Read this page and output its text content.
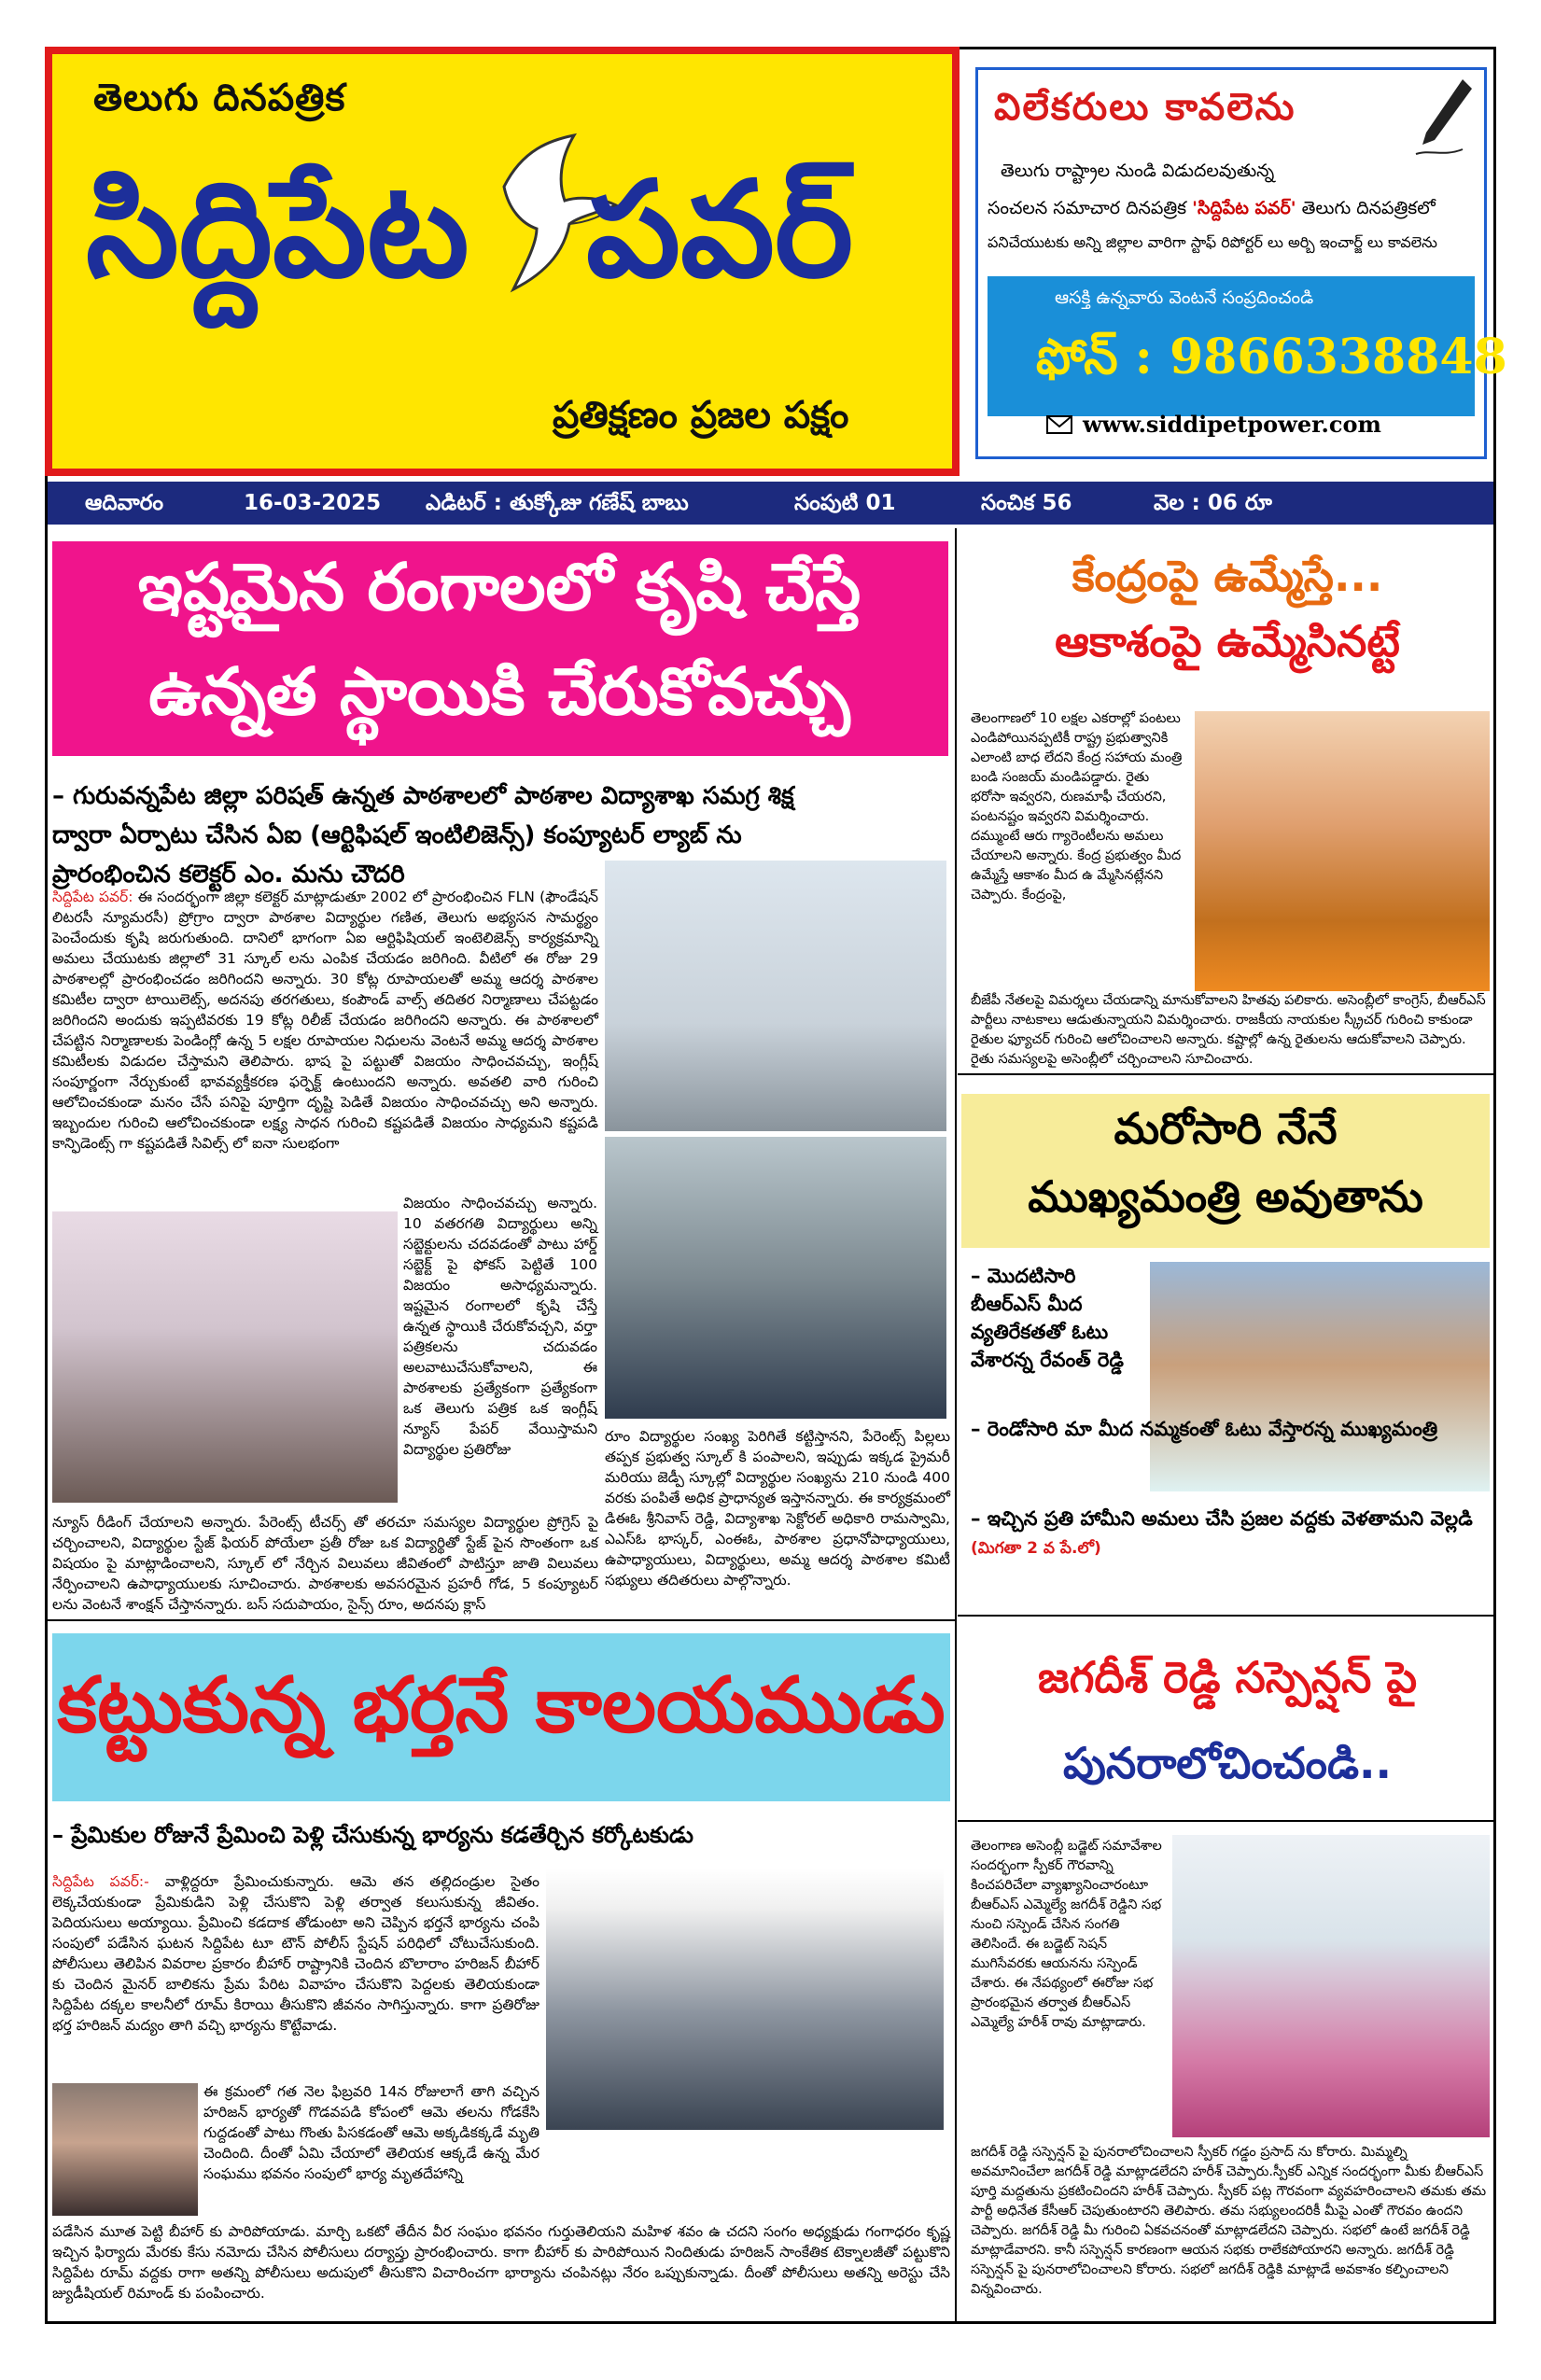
తెలుగు దినపత్రిక
సిద్దిపేట పవర్
ప్రతిక్షణం ప్రజల పక్షం
విలేకరులు కావలెను
తెలుగు రాష్ట్రాల నుండి విడుదలవుతున్న
సంచలన సమాచార దినపత్రిక 'సిద్దిపేట పవర్' తెలుగు దినపత్రికలో
పనిచేయుటకు అన్ని జిల్లాల వారిగా స్టాఫ్ రిపోర్టర్ లు అర్బి ఇంచార్జ్ లు కావలెను
ఆసక్తి ఉన్నవారు వెంటనే సంప్రదించండి
ఫోన్ : 9866338848
www.siddipetpower.com
ఆదివారం	16-03-2025 ఎడిటర్ : తుక్కోజు గణేష్ బాబు	సంపుటి 01	సంచిక 56	వెల : 06 రూ
ఇష్టమైన రంగాలలో కృషి చేస్తే
ఉన్నత స్థాయికి చేరుకోవచ్చు
– గురువన్నపేట జిల్లా పరిషత్ ఉన్నత పాఠశాలలో పాఠశాల విద్యాశాఖ సమగ్ర శిక్ష ద్వారా ఏర్పాటు చేసిన ఏఐ (ఆర్టిఫిషల్ ఇంటిలిజెన్స్) కంప్యూటర్ ల్యాబ్ ను ప్రారంభించిన కలెక్టర్ ఎం. మను చౌదరి
సిద్దిపేట పవర్: ఈ సందర్భంగా జిల్లా కలెక్టర్ మాట్లాడుతూ 2002 లో ప్రారంభించిన FLN (ఫౌండేషన్ లిటరసీ న్యూమరసీ) ప్రోగ్రాం ద్వారా పాఠశాల విద్యార్థుల గణిత, తెలుగు అభ్యసన సామర్థ్యం పెంచేందుకు కృషి జరుగుతుంది. దానిలో భాగంగా ఏఐ ఆర్టిఫిషియల్ ఇంటెలిజెన్స్ కార్యక్రమాన్ని అమలు చేయుటకు జిల్లాలో 31 స్కూల్ లను ఎంపిక చేయడం జరిగింది. వీటిలో ఈ రోజు 29 పాఠశాలల్లో ప్రారంభించడం జరిగిందని అన్నారు. 30 కోట్ల రూపాయలతో అమ్మ ఆదర్శ పాఠశాల కమిటీల ద్వారా టాయిలెట్స్, అదనపు తరగతులు, కంపౌండ్ వాల్స్ తదితర నిర్మాణాలు చేపట్టడం జరిగిందని అందుకు ఇప్పటివరకు 19 కోట్ల రిలీజ్ చేయడం జరిగిందని అన్నారు. ఈ పాఠశాలలో చేపట్టిన నిర్మాణాలకు పెండింగ్లో ఉన్న 5 లక్షల రూపాయల నిధులను వెంటనే అమ్మ ఆదర్శ పాఠశాల కమిటీలకు విడుదల చేస్తామని తెలిపారు. భాష పై పట్టుతో విజయం సాధించవచ్చు, ఇంగ్లీష్ సంపూర్ణంగా నేర్చుకుంటే భావవ్యక్తీకరణ ఫర్ఫెక్ట్ ఉంటుందని అన్నారు. అవతలి వారి గురించి ఆలోచించకుండా మనం చేసే పనిపై పూర్తిగా దృష్టి పెడితే విజయం సాధించవచ్చు అని అన్నారు. ఇబ్బందుల గురించి ఆలోచించకుండా లక్ష్య సాధన గురించి కష్టపడితే విజయం సాధ్యమని కష్టపడి కాన్ఫిడెంట్స్ గా కష్టపడితే సివిల్స్ లో ఐనా సులభంగా
విజయం సాధించవచ్చు అన్నారు. 10 వతరగతి విద్యార్థులు అన్ని సబ్జెక్టులను చదవడంతో పాటు హార్డ్ సబ్జెక్ట్ పై ఫోకస్ పెట్టితే 100 విజయం అసాధ్యమన్నారు. ఇష్టమైన రంగాలలో కృషి చేస్తే ఉన్నత స్థాయికి చేరుకోవచ్చని, వర్తా పత్రికలను చదువడం అలవాటుచేసుకోవాలని, ఈ పాఠశాలకు ప్రత్యేకంగా ప్రత్యేకంగా ఒక తెలుగు పత్రిక ఒక ఇంగ్లీష్ న్యూస్ పేపర్ వేయిస్తామని విద్యార్థుల ప్రతిరోజు
న్యూస్ రీడింగ్ చేయాలని అన్నారు. పేరెంట్స్ టీచర్స్ తో తరచూ సమస్యల విద్యార్థుల ప్రోగ్రెస్ పై చర్చించాలని, విద్యార్థుల స్టేజ్ ఫియర్ పోయేలా ప్రతీ రోజు ఒక విద్యార్థితో స్టేజ్ పైన సొంతంగా ఒక విషయం పై మాట్లాడించాలని, స్కూల్ లో నేర్చిన విలువలు జీవితంలో పాటిస్తూ జాతి విలువలు నేర్పించాలని ఉపాధ్యాయులకు సూచించారు. పాఠశాలకు అవసరమైన ప్రహరీ గోడ, 5 కంప్యూటర్ లను వెంటనే శాంక్షన్ చేస్తానన్నారు. బస్ సదుపాయం, సైన్స్ రూం, అదనపు క్లాస్
రూం విద్యార్థుల సంఖ్య పెరిగితే కట్టిస్తానని, పేరెంట్స్ పిల్లలు తప్పక ప్రభుత్వ స్కూల్ కి పంపాలని, ఇప్పుడు ఇక్కడ ప్రైమరీ మరియు జెడ్పీ స్కూల్లో విద్యార్థుల సంఖ్యను 210 నుండి 400 వరకు పంపితే అధిక ప్రాధాన్యత ఇస్తానన్నారు. ఈ కార్యక్రమంలో డిఈఓ శ్రీనివాస్ రెడ్డి, విద్యాశాఖ సెక్టోరల్ అధికారి రామస్వామి, ఎఎస్ఓ భాస్కర్, ఎంఈఓ, పాఠశాల ప్రధానోపాధ్యాయులు, ఉపాధ్యాయులు, విద్యార్థులు, అమ్మ ఆదర్శ పాఠశాల కమిటీ సభ్యులు తదితరులు పాల్గొన్నారు.
కట్టుకున్న భర్తనే కాలయముడు
– ప్రేమికుల రోజునే ప్రేమించి పెళ్లి చేసుకున్న భార్యను కడతేర్చిన కర్కోటకుడు
సిద్దిపేట పవర్:- వాళ్లిద్దరూ ప్రేమించుకున్నారు. ఆమె తన తల్లిదండ్రుల సైతం లెక్కచేయకుండా ప్రేమికుడిని పెళ్లి చేసుకొని పెళ్లి తర్వాత కలుసుకున్న జీవితం. పెదియసులు అయ్యాయి. ప్రేమించి కడదాక తోడుంటా అని చెప్పిన భర్తనే భార్యను చంపి సంపులో పడేసిన ఘటన సిద్దిపేట టూ టౌన్ పోలీస్ స్టేషన్ పరిధిలో చోటుచేసుకుంది. పోలీసులు తెలిపిన వివరాల ప్రకారం బీహార్ రాష్ట్రానికి చెందిన బొలారాం హరిజన్ బీహార్ కు చెందిన మైనర్ బాలికను ప్రేమ పేరిట వివాహం చేసుకొని పెద్దలకు తెలియకుండా సిద్దిపేట దక్కల కాలనీలో రూమ్ కిరాయి తీసుకొని జీవనం సాగిస్తున్నారు. కాగా ప్రతిరోజు భర్త హరిజన్ మద్యం తాగి వచ్చి భార్యను కొట్టేవాడు.
ఈ క్రమంలో గత నెల ఫిబ్రవరి 14న రోజులాగే తాగి వచ్చిన హరిజన్ భార్యతో గొడవపడి కోపంలో ఆమె తలను గోడకేసి గుద్దడంతో పాటు గొంతు పిసకడంతో ఆమె అక్కడికక్కడే మృతి చెందింది. దీంతో ఏమి చేయాలో తెలియక ఆక్కడే ఉన్న మేర సంఘము భవనం సంపులో భార్య మృతదేహాన్ని
పడేసిన మూత పెట్టి బీహార్ కు పారిపోయాడు. మార్చి ఒకటో తేదీన వీర సంఘం భవనం గుర్తుతెలియని మహిళ శవం ఉ చదని సంగం అధ్యక్షుడు గంగాధరం కృష్ణ ఇచ్చిన ఫిర్యాదు మేరకు కేసు నమోదు చేసిన పోలీసులు దర్యాప్తు ప్రారంభించారు. కాగా బీహార్ కు పారిపోయిన నిందితుడు హరిజన్ సాంకేతిక టెక్నాలజీతో పట్టుకొని సిద్దిపేట రూమ్ వద్దకు రాగా అతన్ని పోలీసులు అదుపులో తీసుకొని విచారించగా భార్యాను చంపినట్లు నేరం ఒప్పుకున్నాడు. దీంతో పోలీసులు అతన్ని అరెస్టు చేసి జ్యుడీషియల్ రిమాండ్ కు పంపించారు.
కేంద్రంపై ఉమ్మేస్తే...
ఆకాశంపై ఉమ్మేసినట్టే
తెలంగాణలో 10 లక్షల ఎకరాల్లో పంటలు ఎండిపోయినప్పటికీ రాష్ట్ర ప్రభుత్వానికి ఎలాంటి బాధ లేదని కేంద్ర సహాయ మంత్రి బండి సంజయ్ మండిపడ్డారు. రైతు భరోసా ఇవ్వరని, రుణమాఫీ చేయరని, పంటనష్టం ఇవ్వరని విమర్శించారు. దమ్ముంటే ఆరు గ్యారెంటీలను అమలు చేయాలని అన్నారు. కేంద్ర ప్రభుత్వం మీద ఉమ్మేస్తే ఆకాశం మీద ఉ మ్మేసినట్లేనని చెప్పారు. కేంద్రంపై,
బీజేపీ నేతలపై విమర్శలు చేయడాన్ని మానుకోవాలని హితవు పలికారు. అసెంబ్లీలో కాంగ్రెస్, బీఆర్ఎస్ పార్టీలు నాటకాలు ఆడుతున్నాయని విమర్శించారు. రాజకీయ నాయకుల స్క్రీచర్ గురించి కాకుండా రైతుల ఫ్యూచర్ గురించి ఆలోచించాలని అన్నారు. కష్టాల్లో ఉన్న రైతులను ఆదుకోవాలని చెప్పారు. రైతు సమస్యలపై అసెంబ్లీలో చర్చించాలని సూచించారు.
మరోసారి నేనే
ముఖ్యమంత్రి అవుతాను
– మొదటిసారి బీఆర్ఎస్ మీద వ్యతిరేకతతో ఓటు వేశారన్న రేవంత్ రెడ్డి
– రెండోసారి మా మీద నమ్మకంతో ఓటు వేస్తారన్న ముఖ్యమంత్రి
– ఇచ్చిన ప్రతి హామీని అమలు చేసి ప్రజల వద్దకు వెళతామని వెల్లడి (మిగతా 2 వ పే.లో)
జగదీశ్ రెడ్డి సస్పెన్షన్ పై
పునరాలోచించండి..
తెలంగాణ అసెంబ్లీ బడ్జెట్ సమావేశాల సందర్భంగా స్పీకర్ గౌరవాన్ని కించపరిచేలా వ్యాఖ్యానించారంటూ బీఆర్ఎస్ ఎమ్మెల్యే జగదీశ్ రెడ్డిని సభ నుంచి సస్పెండ్ చేసిన సంగతి తెలిసిందే. ఈ బడ్జెట్ సెషన్ ముగిసేవరకు ఆయనను సస్పెండ్ చేశారు. ఈ నేపథ్యంలో ఈరోజు సభ ప్రారంభమైన తర్వాత బీఆర్ఎస్ ఎమ్మెల్యే హరీశ్ రావు మాట్లాడారు.
జగదీశ్ రెడ్డి సస్పెన్షన్ పై పునరాలోచించాలని స్పీకర్ గడ్డం ప్రసాద్ ను కోరారు. మిమ్మల్ని అవమానించేలా జగదీశ్ రెడ్డి మాట్లాడలేదని హరీశ్ చెప్పారు.స్పీకర్ ఎన్నిక సందర్భంగా మీకు బీఆర్ఎస్ పూర్తి మద్దతును ప్రకటించిందని హరీశ్ చెప్పారు. స్పీకర్ పట్ల గౌరవంగా వ్యవహరించాలని తమకు తమ పార్టీ అధినేత కేసీఆర్ చెపుతుంటారని తెలిపారు. తమ సభ్యులందరికీ మీపై ఎంతో గౌరవం ఉందని చెప్పారు. జగదీశ్ రెడ్డి మీ గురించి ఏకవచనంతో మాట్లాడలేదని చెప్పారు. సభలో ఉంటే జగదీశ్ రెడ్డి మాట్లాడేవారని. కానీ సస్పెన్షన్ కారణంగా ఆయన సభకు రాలేకపోయారని అన్నారు. జగదీశ్ రెడ్డి సస్పెన్షన్ పై పునరాలోచించాలని కోరారు. సభలో జగదీశ్ రెడ్డికి మాట్లాడే అవకాశం కల్పించాలని విన్నవించారు.
